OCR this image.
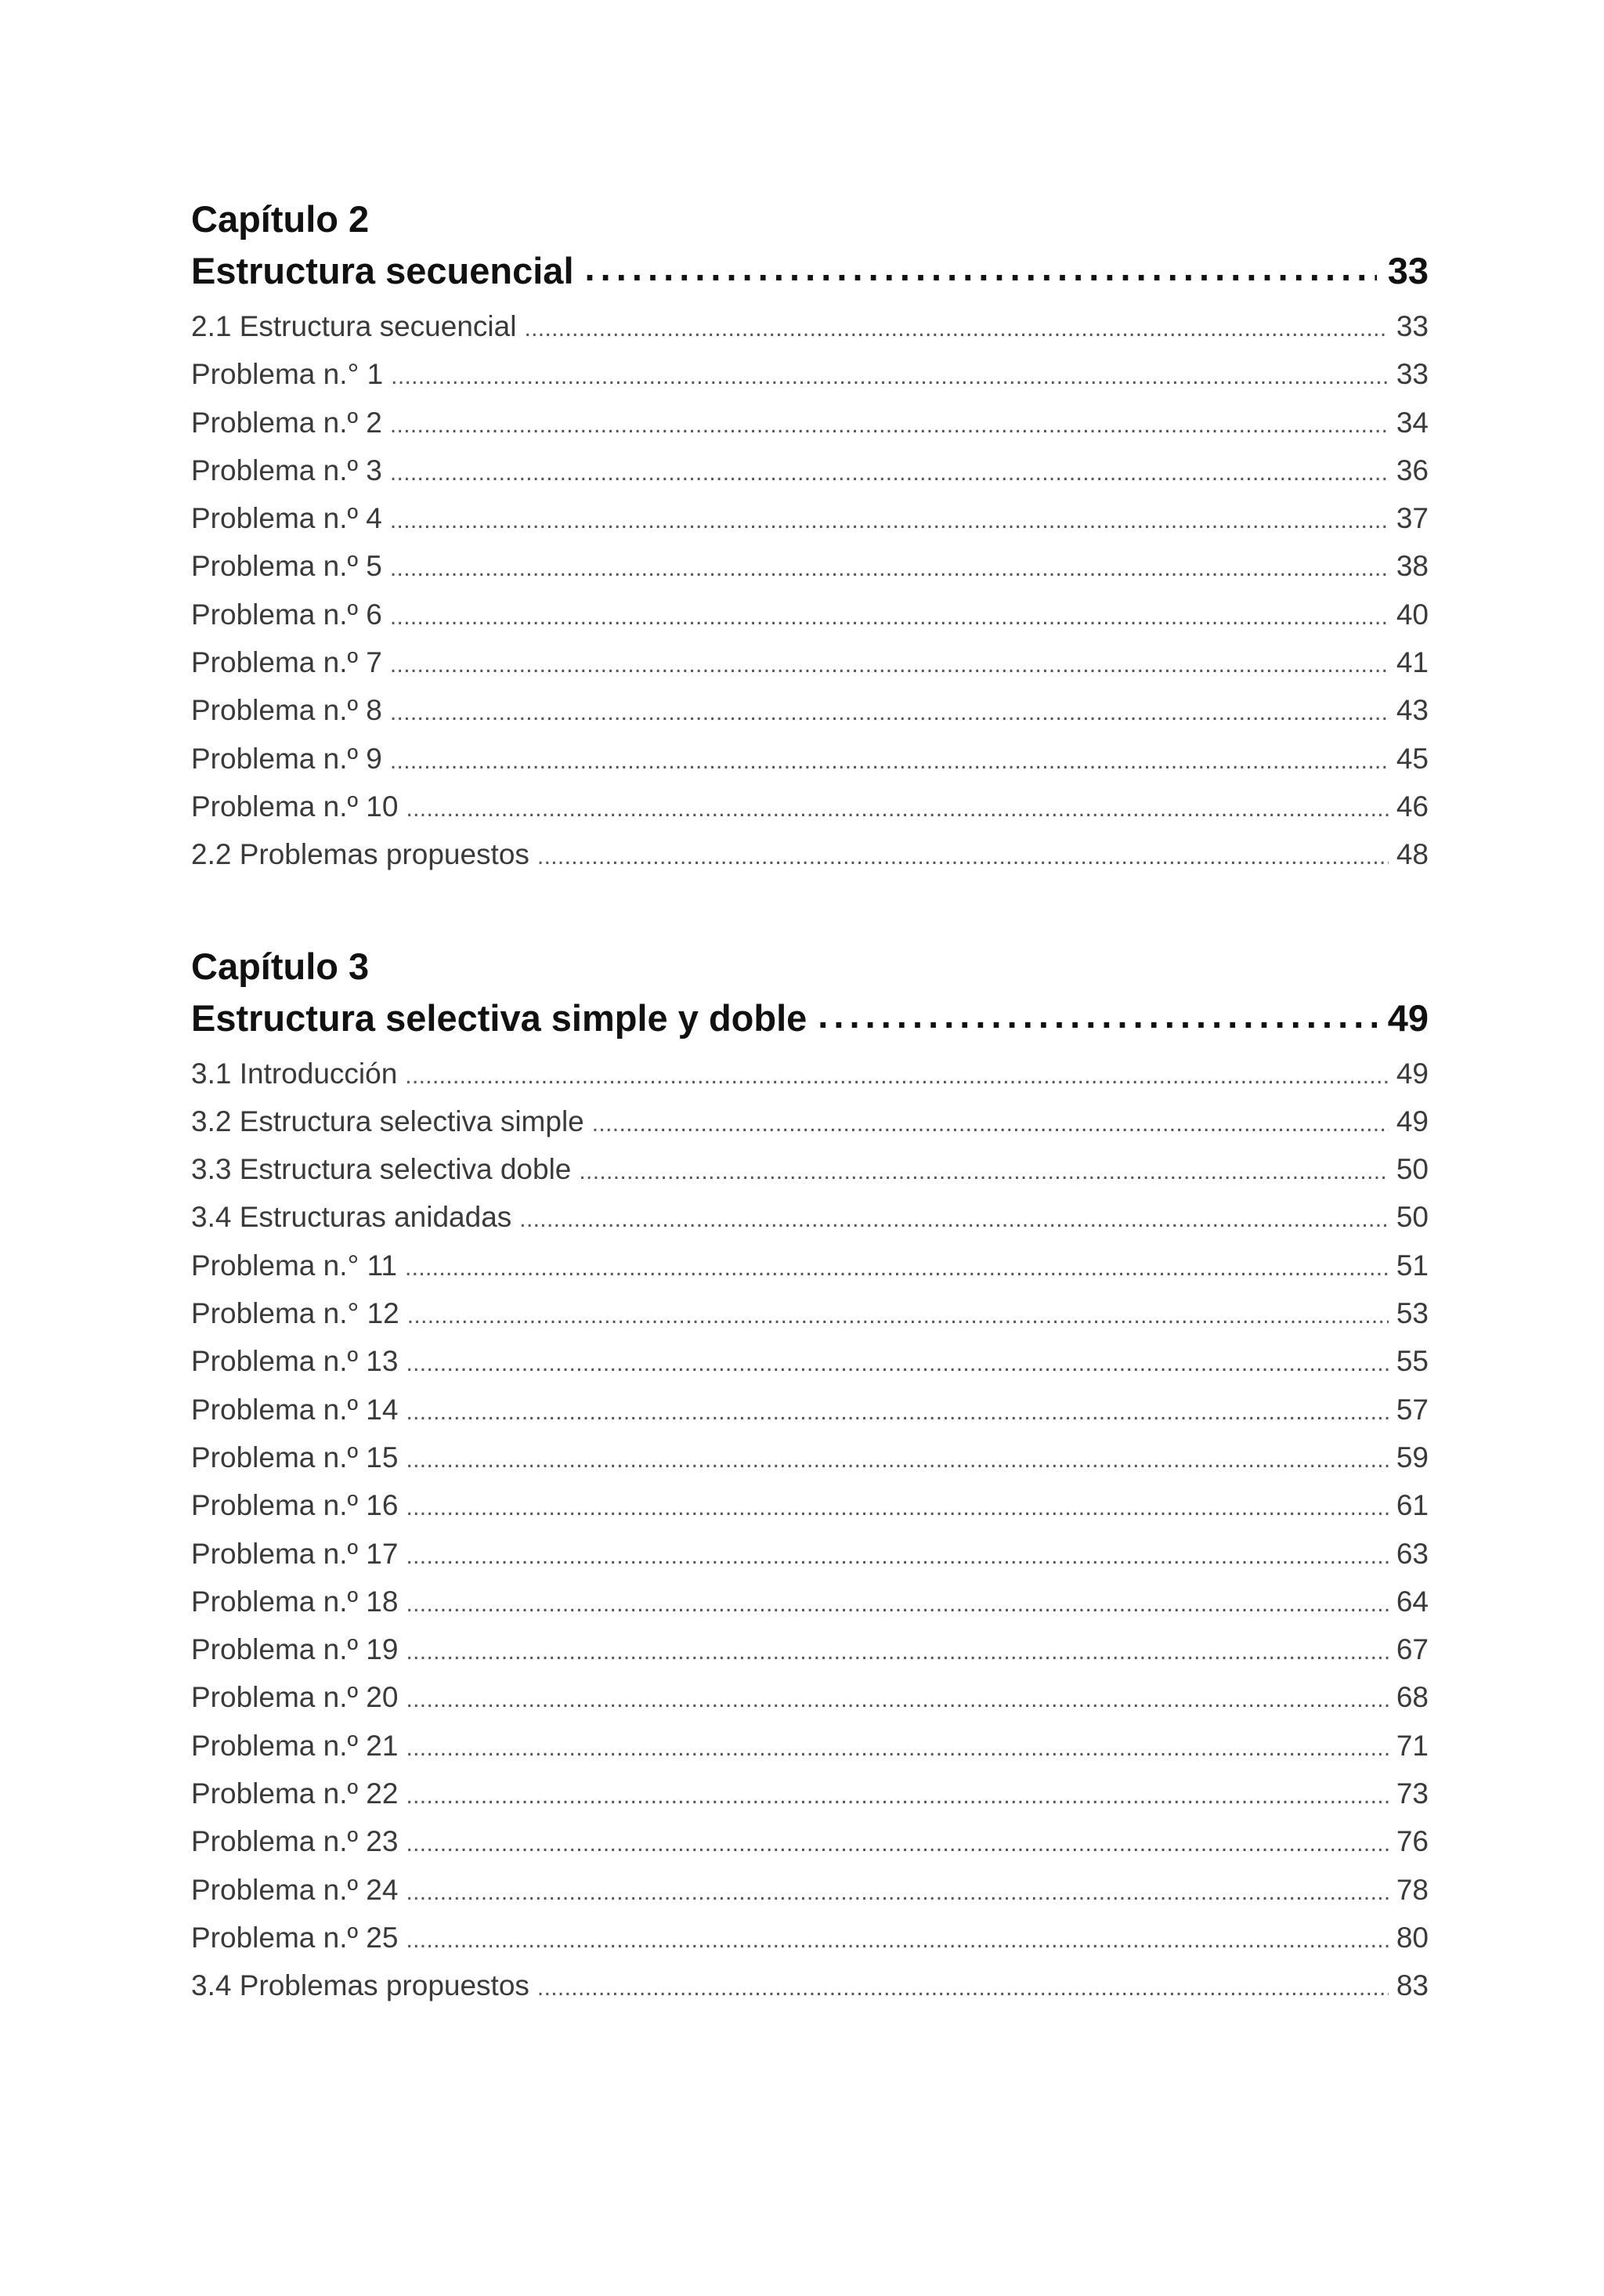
Capítulo 2
Estructura secuencial . . .	33
2.1 Estructura secuencial . . .	33
Problema n.° 1 . . .	33
Problema n.º 2 . . .	34
Problema n.º 3 . . .	36
Problema n.º 4 . . .	37
Problema n.º 5 . . .	38
Problema n.º 6 . . .	40
Problema n.º 7 . . .	41
Problema n.º 8 . . .	43
Problema n.º 9 . . .	45
Problema n.º 10 . . .	46
2.2 Problemas propuestos . . .	48
Capítulo 3
Estructura selectiva simple y doble . . .	49
3.1 Introducción . . .	49
3.2 Estructura selectiva simple . . .	49
3.3 Estructura selectiva doble . . .	50
3.4 Estructuras anidadas . . .	50
Problema n.° 11 . . .	51
Problema n.° 12 . . .	53
Problema n.º 13 . . .	55
Problema n.º 14 . . .	57
Problema n.º 15 . . .	59
Problema n.º 16 . . .	61
Problema n.º 17 . . .	63
Problema n.º 18 . . .	64
Problema n.º 19 . . .	67
Problema n.º 20 . . .	68
Problema n.º 21 . . .	71
Problema n.º 22 . . .	73
Problema n.º 23 . . .	76
Problema n.º 24 . . .	78
Problema n.º 25 . . .	80
3.4 Problemas propuestos . . .	83
